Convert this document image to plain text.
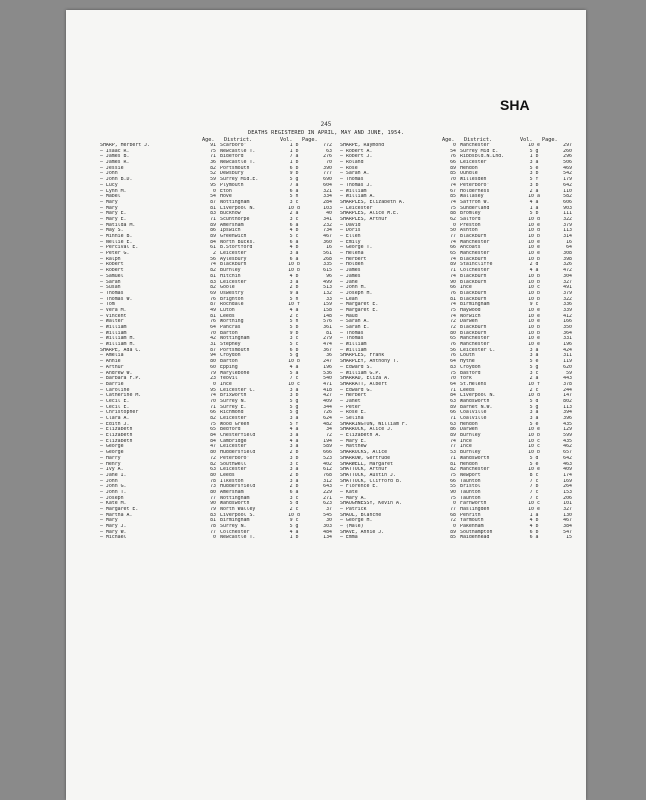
245
SHA
DEATHS REGISTERED IN APRIL, MAY AND JUNE, 1954.
Age. District.	Vol. Page.	Age. District.	Vol. Page.
SHARP, Herbert J.	91 Scarboro'	1 b	772
— Isaac R.	75 Newcastle T.	1 b	63
— James B.	71 Bideford	7 a	276
— James R.	36 Newcastle T.	1 b	70
— Jessie	82 Portsmouth	6 b	390
— John	52 Dewsbury	9 b	777
— John B.D.	59 Surrey Mid.E.	5 g	690
— Lucy	95 Plymouth	7 a	604
— Lynn M.	0 Eton	6 a	321
— Mabel	54 Hove	5 h	334
— Mary	87 Nottingham	3 c	284
— Mary	81 Liverpool N.	10 d	103
— Mary E.	83 Bucknow	2 a	40
— Mary E.	71 Scunthorpe	3 c	341
— Matilda M.	89 Amersham	6 a	232
— May S.	86 Ipswich	4 b	734
— Minnie B.	89 Greenwich	5 c	467
— Nellie E.	84 North Bucks.	6 a	360
— Percival E.	61 B.Stortford	4 b	16
— Peter G.	2 Leicester	3 a	561
— Ralph	56 Aylesbury	6 a	268
— Robert	74 Blackburn	10 b	335
— Robert	82 Burnley	10 b	615
— Samuel	81 Hitchin	4 b	96
— Sarah	83 Leicester	3 a	499
— Susan	82 Goole	2 b	513
— Thomas	69 Oswestry	9 a	132
— Thomas W.	76 Brighton	5 h	33
— Tom	87 Rochdale	10 f	159
— Vera M.	49 Luton	4 a	158
— Vincent	81 Leeds	2 c	148
— Walter	76 Worthing	5 h	576
— William	64 Pancras	5 b	361
— William	70 Barton	9 b	81
— William H.	42 Nottingham	3 c	279
— William H.	31 Stepney	5 c	474
SHARPE, Ada C.	87 Portsmouth	6 b	367
— Amelia	94 Croydon	5 g	36
— Annie	80 Barton	10 b	247
— Arthur	60 Epping	4 a	196
— Andrew W.	79 Marylebone	5 a	536
— Barbara F.P.	23 Yeovil	7 c	540
— Barrie	0 Ince	10 c	471
— Caroline	95 Leicester C.	3 a	418
— Catherine M.	74 Brixworth	3 b	427
— Cecil E.	70 Surrey N.	5 g	409
— Cecil E.	71 Surrey E.	5 g	344
— Christopher	66 Richmond	5 g	726
— Clara A.	82 Leicester	3 a	624
— Edith J.	75 Wood Green	5 f	482
— Elizabeth	65 Bedford	4 a	34
— Elizabeth	84 Chesterfield	3 a	72
— Elizabeth	84 Cambridge	4 a	194
— George	47 Leicester	3 a	589
— George	80 Huddersfield	2 b	666
— Harry	72 Peterboro'	3 b	523
— Henry	82 Southwell	3 c	402
— Ivy A.	63 Leicester	3 a	612
— Jane I.	80 Leeds	2 b	768
— John	78 Ilkeston	3 a	312
— John G.	73 Huddersfield	2 b	643
— John T.	80 Amersham	6 a	229
— Joseph	77 Nottingham	3 c	271
— Kate M.	90 Wandsworth	5 d	623
— Margaret E.	79 North Walley	2 c	37
— Martha A.	83 Liverpool S.	10 d	545
— Mary	81 Birmingham	9 c	30
— Mary J.	78 Surrey N.	5 g	303
— Mary W.	77 Colchester	4 a	484
— Michael	0 Newcastle T.	1 b	134
SHARPE, Raymond	0 Manchester	10 e	297
— Robert A.	54 Surrey Mid E.	5 g	260
— Robert J.	76 Ribbsbld.N.Lnd.	1 b	296
— Roland	66 Leicester	3 a	506
— Rose	89 Hendon	5 e	469
— Sarah A.	85 Oundle	3 b	542
— Thomas	70 Willesden	5 f	179
— Thomas J.	74 Peterboro'	3 b	642
— William	67 Holderness	2 a	110
— William A.	85 Wallasey	10 a	582
SHARPLES, Elizabeth A.	74 Saffron W.	4 a	606
— Leicester	75 Sunderland	1 a	903
SHARPLES, Alice M.E.	88 Bromley	5 b	111
SHARPLES, Arthur	62 Salford	10 d	322
— David	0 Preston	10 e	379
— Doris	50 Ashton	10 d	113
— Ellen	77 Blackburn	10 b	314
— Emily	74 Manchester	10 e	16
— George T.	66 Ancoats	10 e	64
— Helena	65 Manchester	10 e	308
— Herbert	74 Blackburn	10 b	398
— Holden	89 Staincliffe	2 d	326
— James	71 Colchester	4 a	472
— James	74 Blackburn	10 b	304
— Jane	90 Blackburn	10 b	327
— John H.	66 Ince	10 c	491
— Joseph H.	76 Blackburn	10 b	379
— Leah	81 Blackburn	10 b	322
— Margaret E.	74 Birmingham	9 c	336
— Margaret E.	75 Haywood	10 e	339
— Maud	74 Norwich	10 e	412
— Sarah A.	72 Darwen	10 e	166
— Sarah E.	72 Blackburn	10 b	350
— Thomas	80 Blackburn	10 b	364
— Thomas	65 Manchester	10 e	331
— William	76 Manchester	10 e	196
— William	56 Leicester C.	3 a	424
SHARPLES, Frank	76 Louth	3 a	311
SHARPLEY, Anthony T.	64 Hythe	5 e	119
— Edward S.	83 Croydon	5 g	620
— William G.P.	75 Basford	3 c	59
SHARRAD, Eliza A.	70 York	2 a	443
SHARRATT, Albert	64 St.Helens	10 f	378
— Edward G.	71 Leeds	2 c	244
— Herbert	84 Liverpool N.	10 d	147
— Janet	63 Wandsworth	5 d	802
— Peter	89 Barnet N.W.	5 g	113
— Rose E.	66 Coalville	3 a	394
— Selina	71 Coalville	3 a	396
SHARRINGTON, William F.	63 Hendon	5 e	435
SHARROCK, Alice J.	86 Darwen	10 e	129
— Elizabeth A.	89 Burnley	10 b	599
— Mary E.	74 Ince	10 c	435
— Matthew	77 Ince	10 c	462
SHARROCKS, Alice	53 Burnley	10 b	657
SHARROW, Gertrude	71 Wandsworth	5 d	642
SHARWELL, Margaret	81 Hendon	5 e	463
SHATTOCK, Arthur	82 Manchester	10 e	409
SHATTOCK, Austin J.	75 Newport	8 c	174
SHATTOCK, Clifford B.	66 Taunton	7 c	169
— Florence E.	55 Bristol	7 b	264
— Kate	90 Taunton	7 c	153
— Mary A.	75 Taunton	7 c	206
SHAUGHNESSY, Kevin A.	0 Farnworth	10 c	101
— Patrick	77 Haslingden	10 e	327
SHAUL, Blanche	68 Penrith	1 a	130
— George H.	72 Yarmouth	4 b	467
— (Male)	0 Pakenham	4 b	384
SHAVE, Annie J.	89 Southampton	6 b	547
— Emma	85 Maidenhead	6 a	15
